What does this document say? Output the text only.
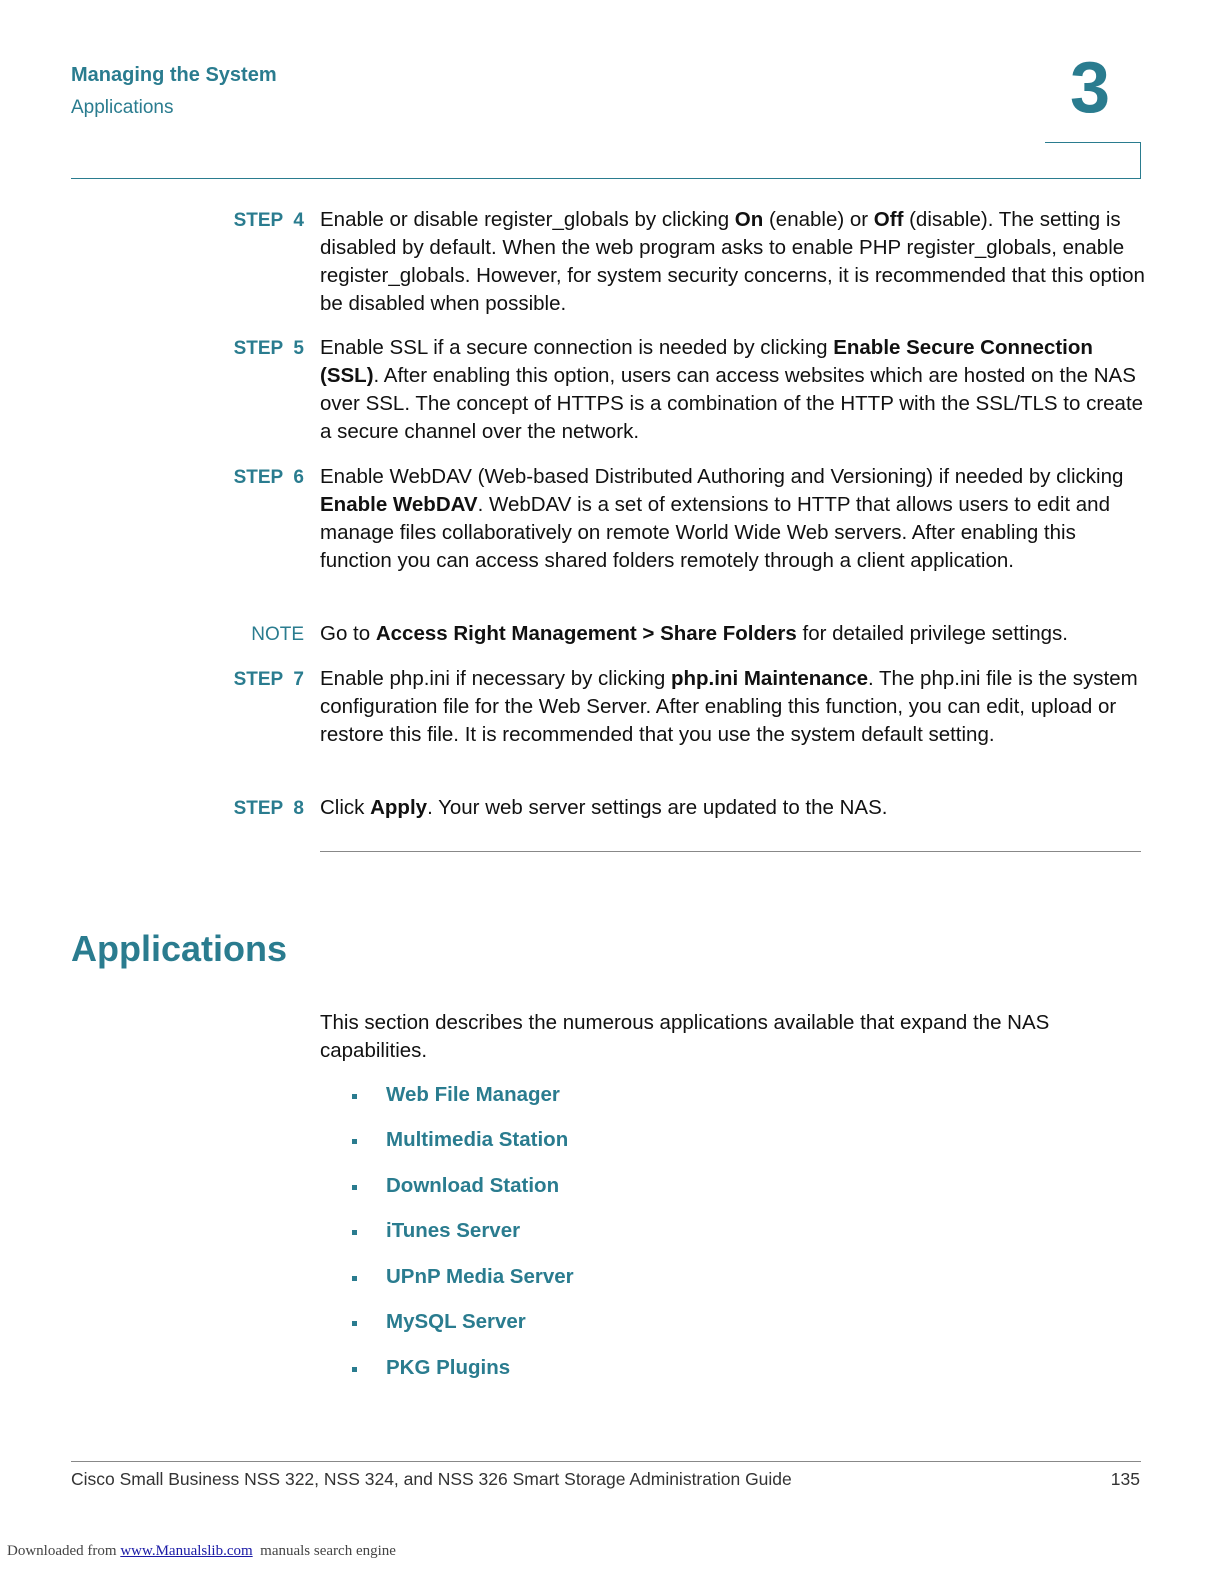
Managing the System
Applications	3
STEP  4 Enable or disable register_globals by clicking On (enable) or Off (disable). The setting is disabled by default. When the web program asks to enable PHP register_globals, enable register_globals. However, for system security concerns, it is recommended that this option be disabled when possible.
STEP  5 Enable SSL if a secure connection is needed by clicking Enable Secure Connection (SSL). After enabling this option, users can access websites which are hosted on the NAS over SSL. The concept of HTTPS is a combination of the HTTP with the SSL/TLS to create a secure channel over the network.
STEP  6 Enable WebDAV (Web-based Distributed Authoring and Versioning) if needed by clicking Enable WebDAV. WebDAV is a set of extensions to HTTP that allows users to edit and manage files collaboratively on remote World Wide Web servers. After enabling this function you can access shared folders remotely through a client application.
NOTE Go to Access Right Management > Share Folders for detailed privilege settings.
STEP  7 Enable php.ini if necessary by clicking php.ini Maintenance. The php.ini file is the system configuration file for the Web Server. After enabling this function, you can edit, upload or restore this file. It is recommended that you use the system default setting.
STEP  8 Click Apply. Your web server settings are updated to the NAS.
Applications
This section describes the numerous applications available that expand the NAS capabilities.
Web File Manager
Multimedia Station
Download Station
iTunes Server
UPnP Media Server
MySQL Server
PKG Plugins
Cisco Small Business NSS 322, NSS 324, and NSS 326 Smart Storage Administration Guide	135
Downloaded from www.Manualslib.com  manuals search engine
